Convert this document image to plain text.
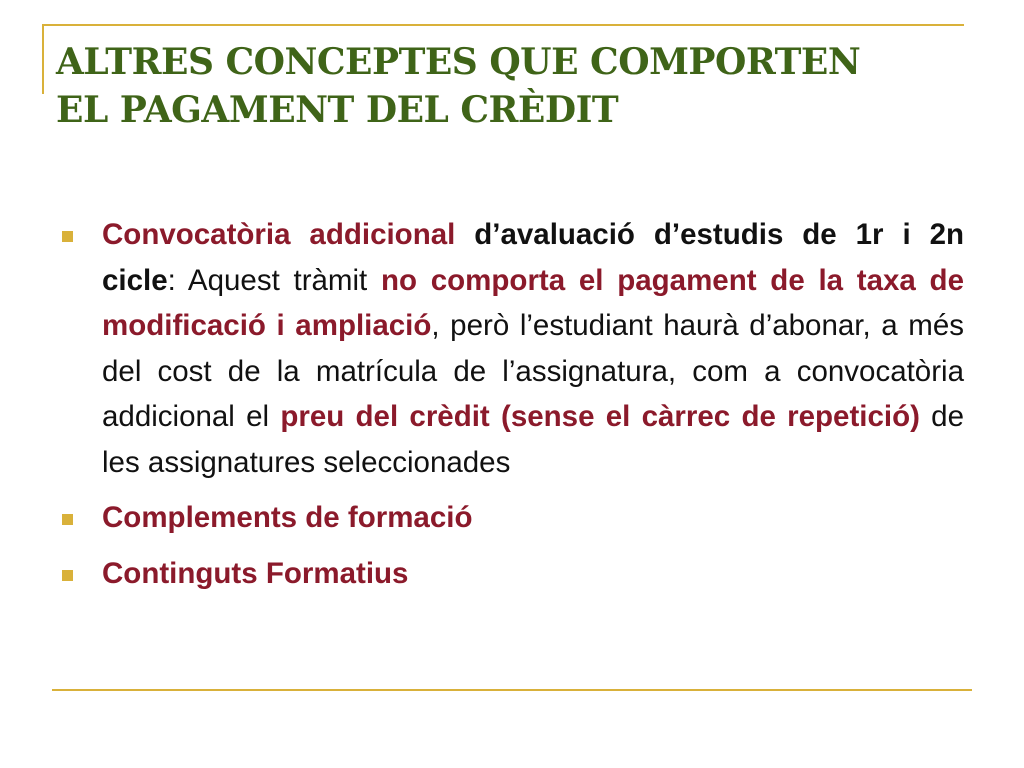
ALTRES CONCEPTES QUE COMPORTEN
EL PAGAMENT DEL CRÈDIT
Convocatòria addicional d’avaluació d’estudis de 1r i 2n cicle: Aquest tràmit no comporta el pagament de la taxa de modificació i ampliació, però l’estudiant haurà d’abonar, a més del cost de la matrícula de l’assignatura, com a convocatòria addicional el preu del crèdit (sense el càrrec de repetició) de les assignatures seleccionades
Complements de formació
Continguts Formatius
